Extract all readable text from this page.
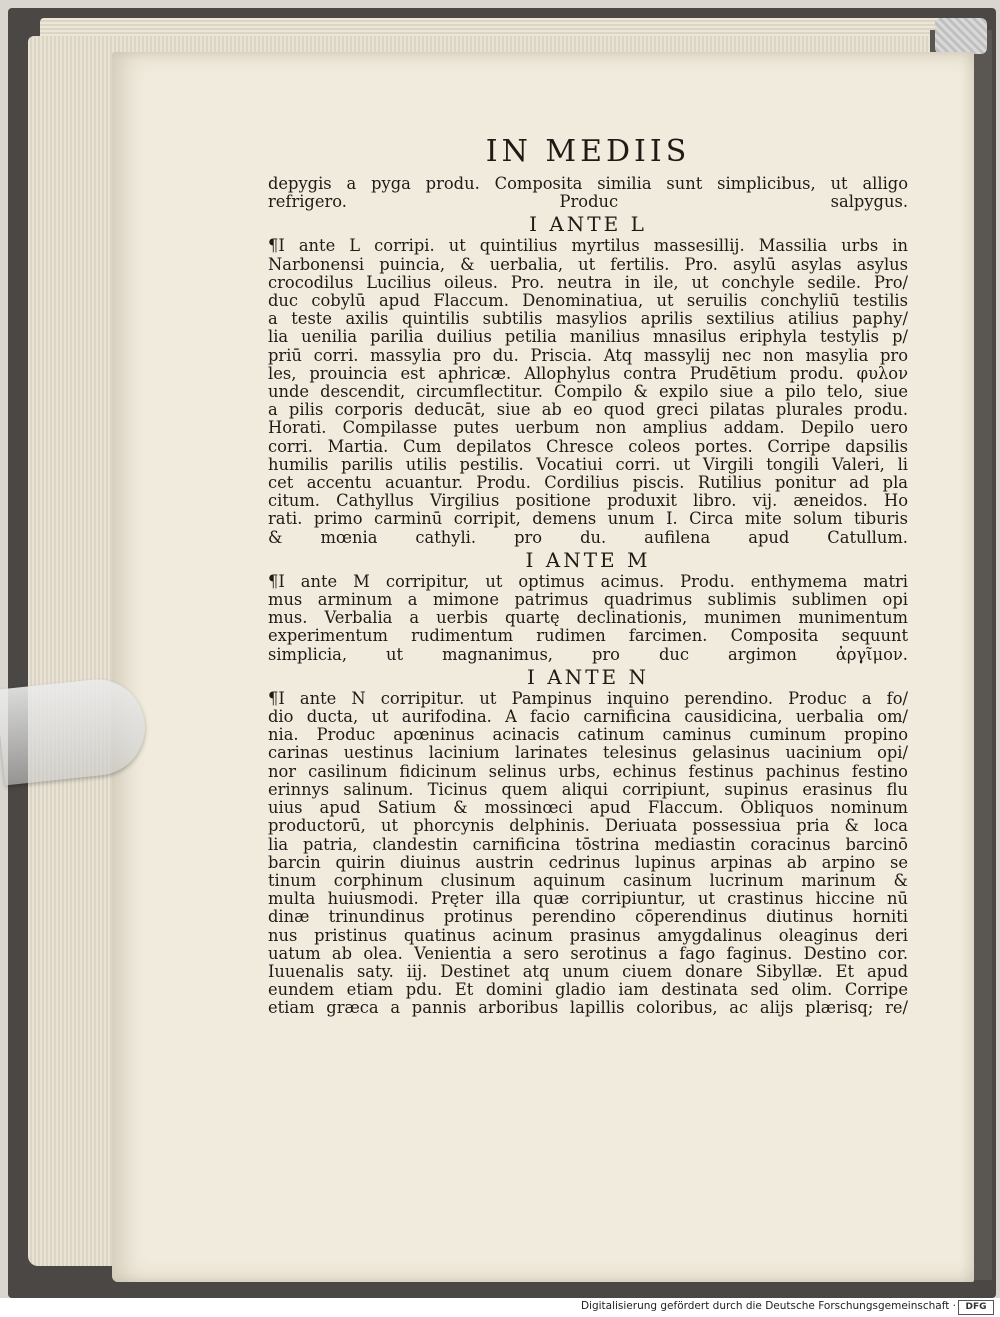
IN MEDIIS
depygis a pyga produ. Composita similia sunt simplicibus, ut alligo
refrigero. Produc salpygus.
I ANTE L
¶I ante L corripi. ut quintilius myrtilus massesillij. Massilia urbs in
Narbonensi puincia, & uerbalia, ut fertilis. Pro. asylū asylas asylus
crocodilus Lucilius oileus. Pro. neutra in ile, ut conchyle sedile. Pro/
duc cobylū apud Flaccum. Denominatiua, ut seruilis conchyliū testilis
a teste axilis quintilis subtilis masylios aprilis sextilius atilius paphy/
lia uenilia parilia duilius petilia manilius mnasilus eriphyla testylis p/
priū corri. massylia pro du. Priscia. Atq massylij nec non masylia pro
les, prouincia est aphricæ. Allophylus contra Prudētium produ. φυλον
unde descendit, circumflectitur. Compilo & expilo siue a pilo telo, siue
a pilis corporis deducāt, siue ab eo quod greci pilatas plurales produ.
Horati. Compilasse putes uerbum non amplius addam. Depilo uero
corri. Martia. Cum depilatos Chresce coleos portes. Corripe dapsilis
humilis parilis utilis pestilis. Vocatiui corri. ut Virgili tongili Valeri, li
cet accentu acuantur. Produ. Cordilius piscis. Rutilius ponitur ad pla
citum. Cathyllus Virgilius positione produxit libro. vij. æneidos. Ho
rati. primo carminū corripit, demens unum I. Circa mite solum tiburis
& mœnia cathyli. pro du. aufilena apud Catullum.
I ANTE M
¶I ante M corripitur, ut optimus acimus. Produ. enthymema matri
mus arminum a mimone patrimus quadrimus sublimis sublimen opi
mus. Verbalia a uerbis quartę declinationis, munimen munimentum
experimentum rudimentum rudimen farcimen. Composita sequunt
simplicia, ut magnanimus, pro duc argimon ἀργῖμον.
I ANTE N
¶I ante N corripitur. ut Pampinus inquino perendino. Produc a fo/
dio ducta, ut aurifodina. A facio carnificina causidicina, uerbalia om/
nia. Produc apœninus acinacis catinum caminus cuminum propino
carinas uestinus lacinium larinates telesinus gelasinus uacinium opi/
nor casilinum fidicinum selinus urbs, echinus festinus pachinus festino
erinnys salinum. Ticinus quem aliqui corripiunt, supinus erasinus flu
uius apud Satium & mossinœci apud Flaccum. Obliquos nominum
productorū, ut phorcynis delphinis. Deriuata possessiua pria & loca
lia patria, clandestin carnificina tōstrina mediastin coracinus barcinō
barcin quirin diuinus austrin cedrinus lupinus arpinas ab arpino se
tinum corphinum clusinum aquinum casinum lucrinum marinum &
multa huiusmodi. Pręter illa quæ corripiuntur, ut crastinus hiccine nū
dinæ trinundinus protinus perendino cōperendinus diutinus horniti
nus pristinus quatinus acinum prasinus amygdalinus oleaginus deri
uatum ab olea. Venientia a sero serotinus a fago faginus. Destino cor.
Iuuenalis saty. iij. Destinet atq unum ciuem donare Sibyllæ. Et apud
eundem etiam pdu. Et domini gladio iam destinata sed olim. Corripe
etiam græca a pannis arboribus lapillis coloribus, ac alijs plærisq; re/
Digitalisierung gefördert durch die Deutsche Forschungsgemeinschaft ·	DFG
